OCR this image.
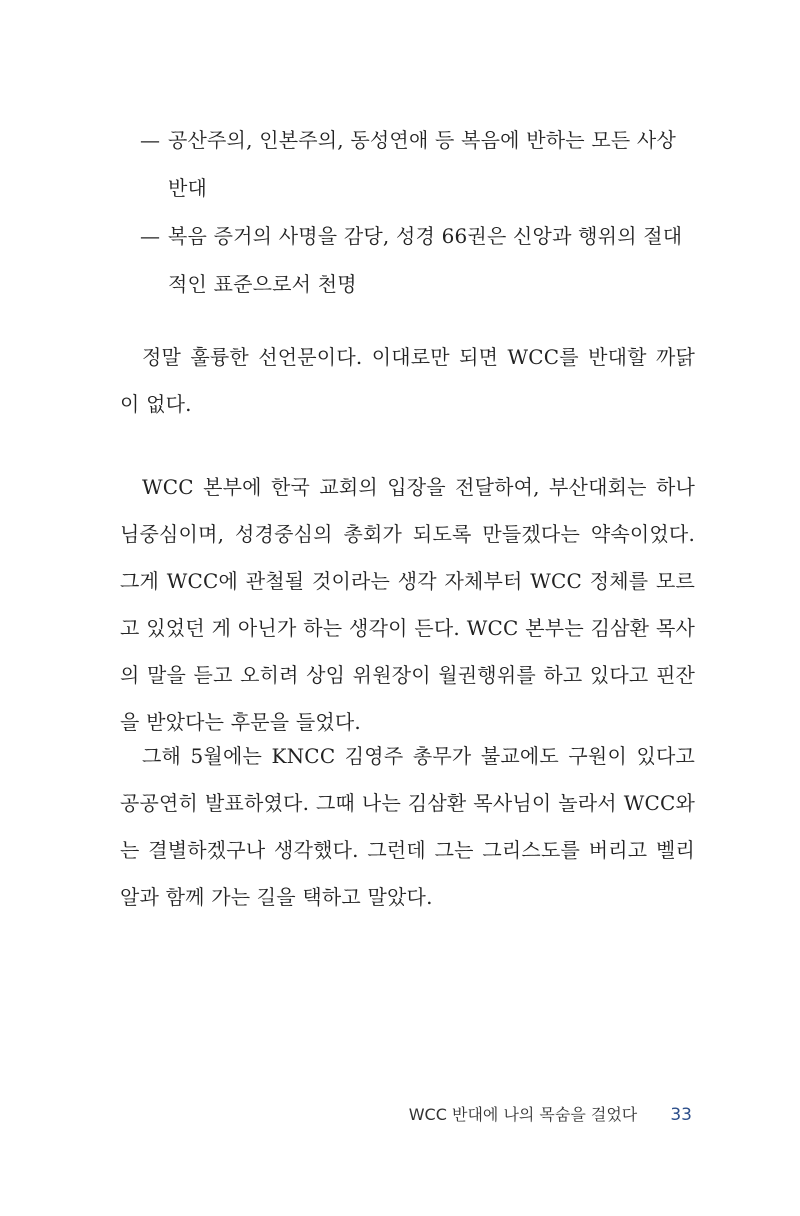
— 공산주의, 인본주의, 동성연애 등 복음에 반하는 모든 사상 반대
— 복음 증거의 사명을 감당, 성경 66권은 신앙과 행위의 절대적인 표준으로서 천명

정말 훌륭한 선언문이다. 이대로만 되면 WCC를 반대할 까닭이 없다.

WCC 본부에 한국 교회의 입장을 전달하여, 부산대회는 하나님중심이며, 성경중심의 총회가 되도록 만들겠다는 약속이었다. 그게 WCC에 관철될 것이라는 생각 자체부터 WCC 정체를 모르고 있었던 게 아닌가 하는 생각이 든다. WCC 본부는 김삼환 목사의 말을 듣고 오히려 상임 위원장이 월권행위를 하고 있다고 핀잔을 받았다는 후문을 들었다.

그해 5월에는 KNCC 김영주 총무가 불교에도 구원이 있다고 공공연히 발표하였다. 그때 나는 김삼환 목사님이 놀라서 WCC와는 결별하겠구나 생각했다. 그런데 그는 그리스도를 버리고 벨리알과 함께 가는 길을 택하고 말았다.

WCC 반대에 나의 목숨을 걸었다 33
